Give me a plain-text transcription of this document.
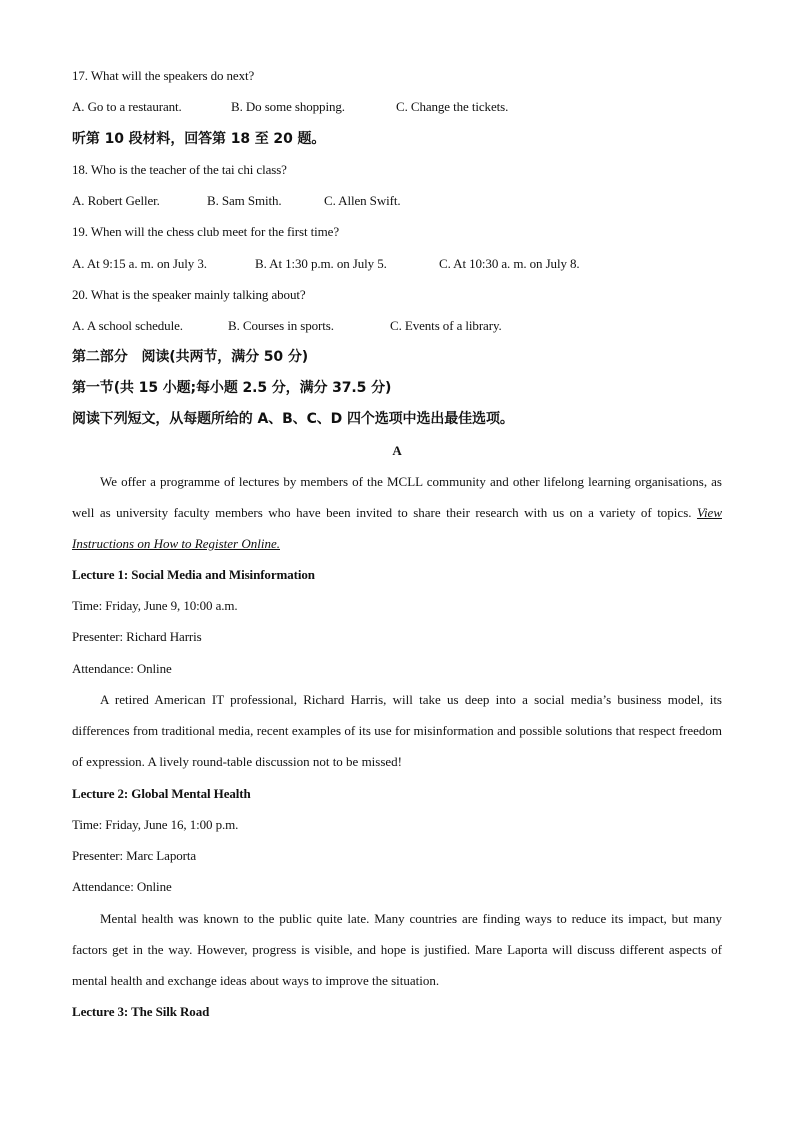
17. What will the speakers do next?
A. Go to a restaurant.	B. Do some shopping.	C. Change the tickets.
听第 10 段材料，回答第 18 至 20 题。
18. Who is the teacher of the tai chi class?
A. Robert Geller.	B. Sam Smith.	C. Allen Swift.
19. When will the chess club meet for the first time?
A. At 9:15 a. m. on July 3.	B. At 1:30 p.m. on July 5.	C. At 10:30 a. m. on July 8.
20. What is the speaker mainly talking about?
A. A school schedule.	B. Courses in sports.	C. Events of a library.
第二部分　阅读(共两节，满分 50 分)
第一节(共 15 小题;每小题 2.5 分，满分 37.5 分)
阅读下列短文，从每题所给的 A、B、C、D 四个选项中选出最佳选项。
A
We offer a programme of lectures by members of the MCLL community and other lifelong learning organisations, as well as university faculty members who have been invited to share their research with us on a variety of topics. View Instructions on How to Register Online.
Lecture 1: Social Media and Misinformation
Time: Friday, June 9, 10:00 a.m.
Presenter: Richard Harris
Attendance: Online
A retired American IT professional, Richard Harris, will take us deep into a social media’s business model, its differences from traditional media, recent examples of its use for misinformation and possible solutions that respect freedom of expression. A lively round-table discussion not to be missed!
Lecture 2: Global Mental Health
Time: Friday, June 16, 1:00 p.m.
Presenter: Marc Laporta
Attendance: Online
Mental health was known to the public quite late. Many countries are finding ways to reduce its impact, but many factors get in the way. However, progress is visible, and hope is justified. Mare Laporta will discuss different aspects of mental health and exchange ideas about ways to improve the situation.
Lecture 3: The Silk Road
